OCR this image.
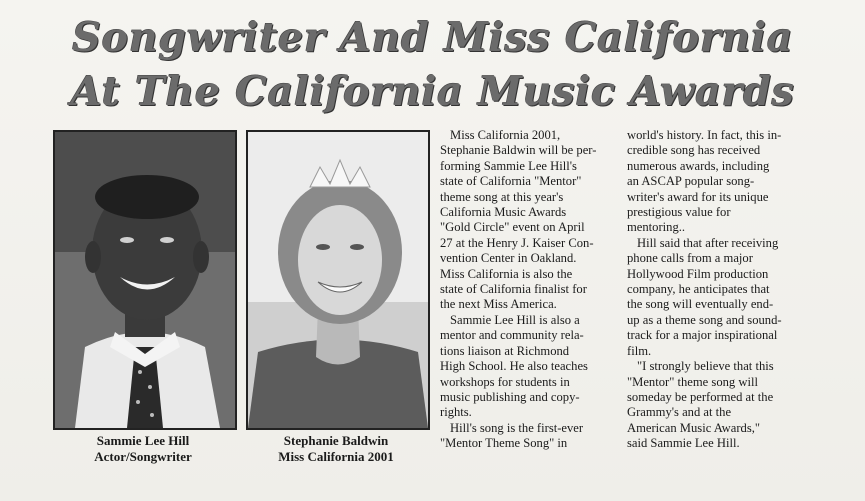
Songwriter And Miss California
At The California Music Awards
Sammie Lee Hill
Actor/Songwriter
Stephanie Baldwin
Miss California 2001
Miss California 2001,
Stephanie Baldwin will be per-
forming Sammie Lee Hill's
state of California "Mentor"
theme song at this year's
California Music Awards
"Gold Circle" event on April
27 at the Henry J. Kaiser Con-
vention Center in Oakland.
Miss California is also the
state of California finalist for
the next Miss America.
Sammie Lee Hill is also a
mentor and community rela-
tions liaison at Richmond
High School. He also teaches
workshops for students in
music publishing and copy-
rights.
Hill's song is the first-ever
"Mentor Theme Song" in
world's history. In fact, this in-
credible song has received
numerous awards, including
an ASCAP popular song-
writer's award for its unique
prestigious value for
mentoring..
Hill said that after receiving
phone calls from a major
Hollywood Film production
company, he anticipates that
the song will eventually end-
up as a theme song and sound-
track for a major inspirational
film.
"I strongly believe that this
"Mentor" theme song will
someday be performed at the
Grammy's and at the
American Music Awards,"
said Sammie Lee Hill.
